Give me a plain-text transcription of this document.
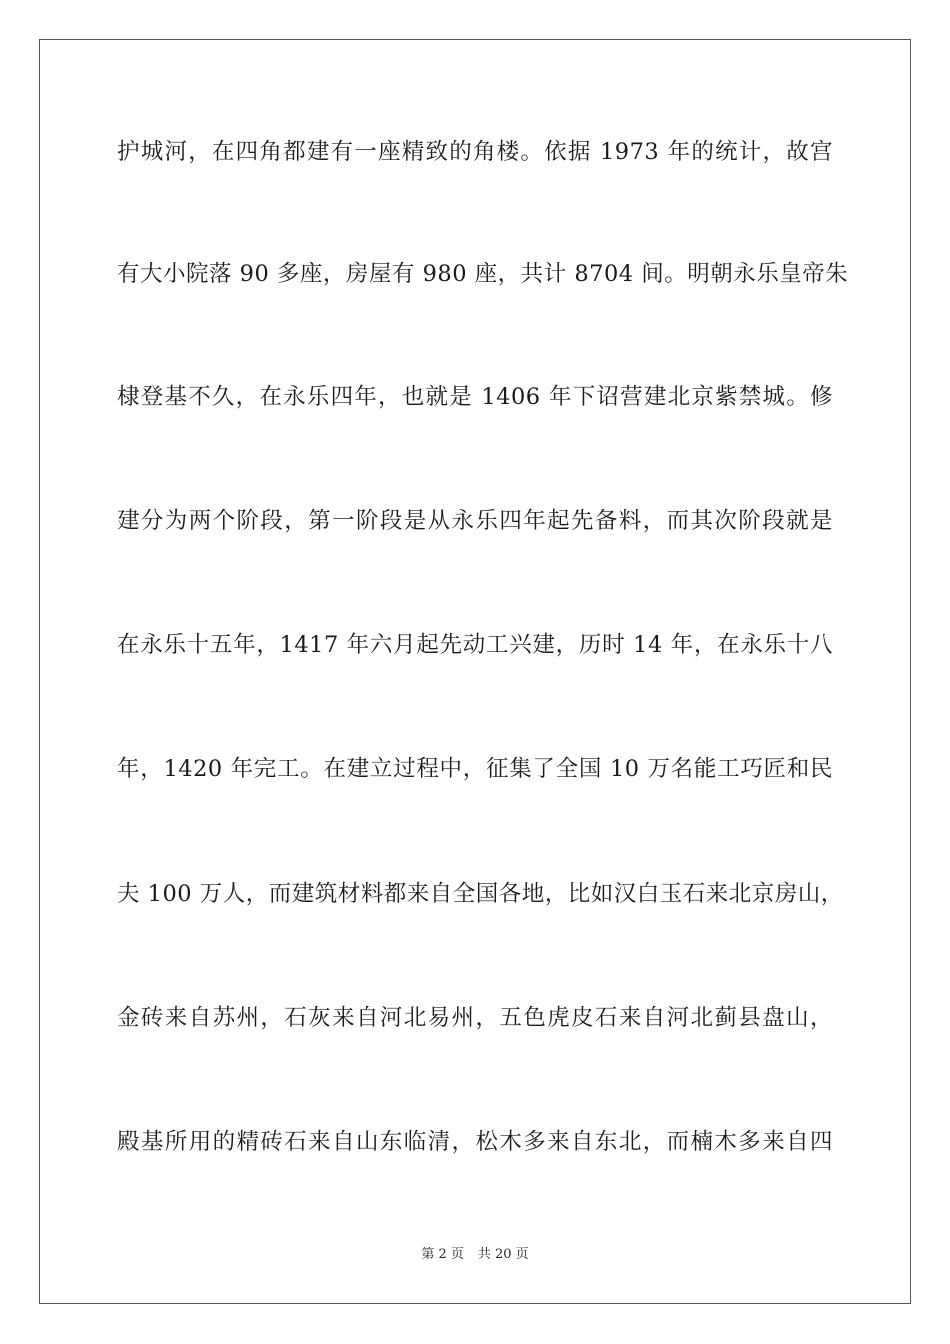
护城河，在四角都建有一座精致的角楼。依据 1973 年的统计，故宫
有大小院落 90 多座，房屋有 980 座，共计 8704 间。明朝永乐皇帝朱
棣登基不久，在永乐四年，也就是 1406 年下诏营建北京紫禁城。修
建分为两个阶段，第一阶段是从永乐四年起先备料，而其次阶段就是
在永乐十五年，1417 年六月起先动工兴建，历时 14 年，在永乐十八
年，1420 年完工。在建立过程中，征集了全国 10 万名能工巧匠和民
夫 100 万人，而建筑材料都来自全国各地，比如汉白玉石来北京房山，
金砖来自苏州，石灰来自河北易州，五色虎皮石来自河北蓟县盘山，
殿基所用的精砖石来自山东临清，松木多来自东北，而楠木多来自四
第 2 页 共 20 页
